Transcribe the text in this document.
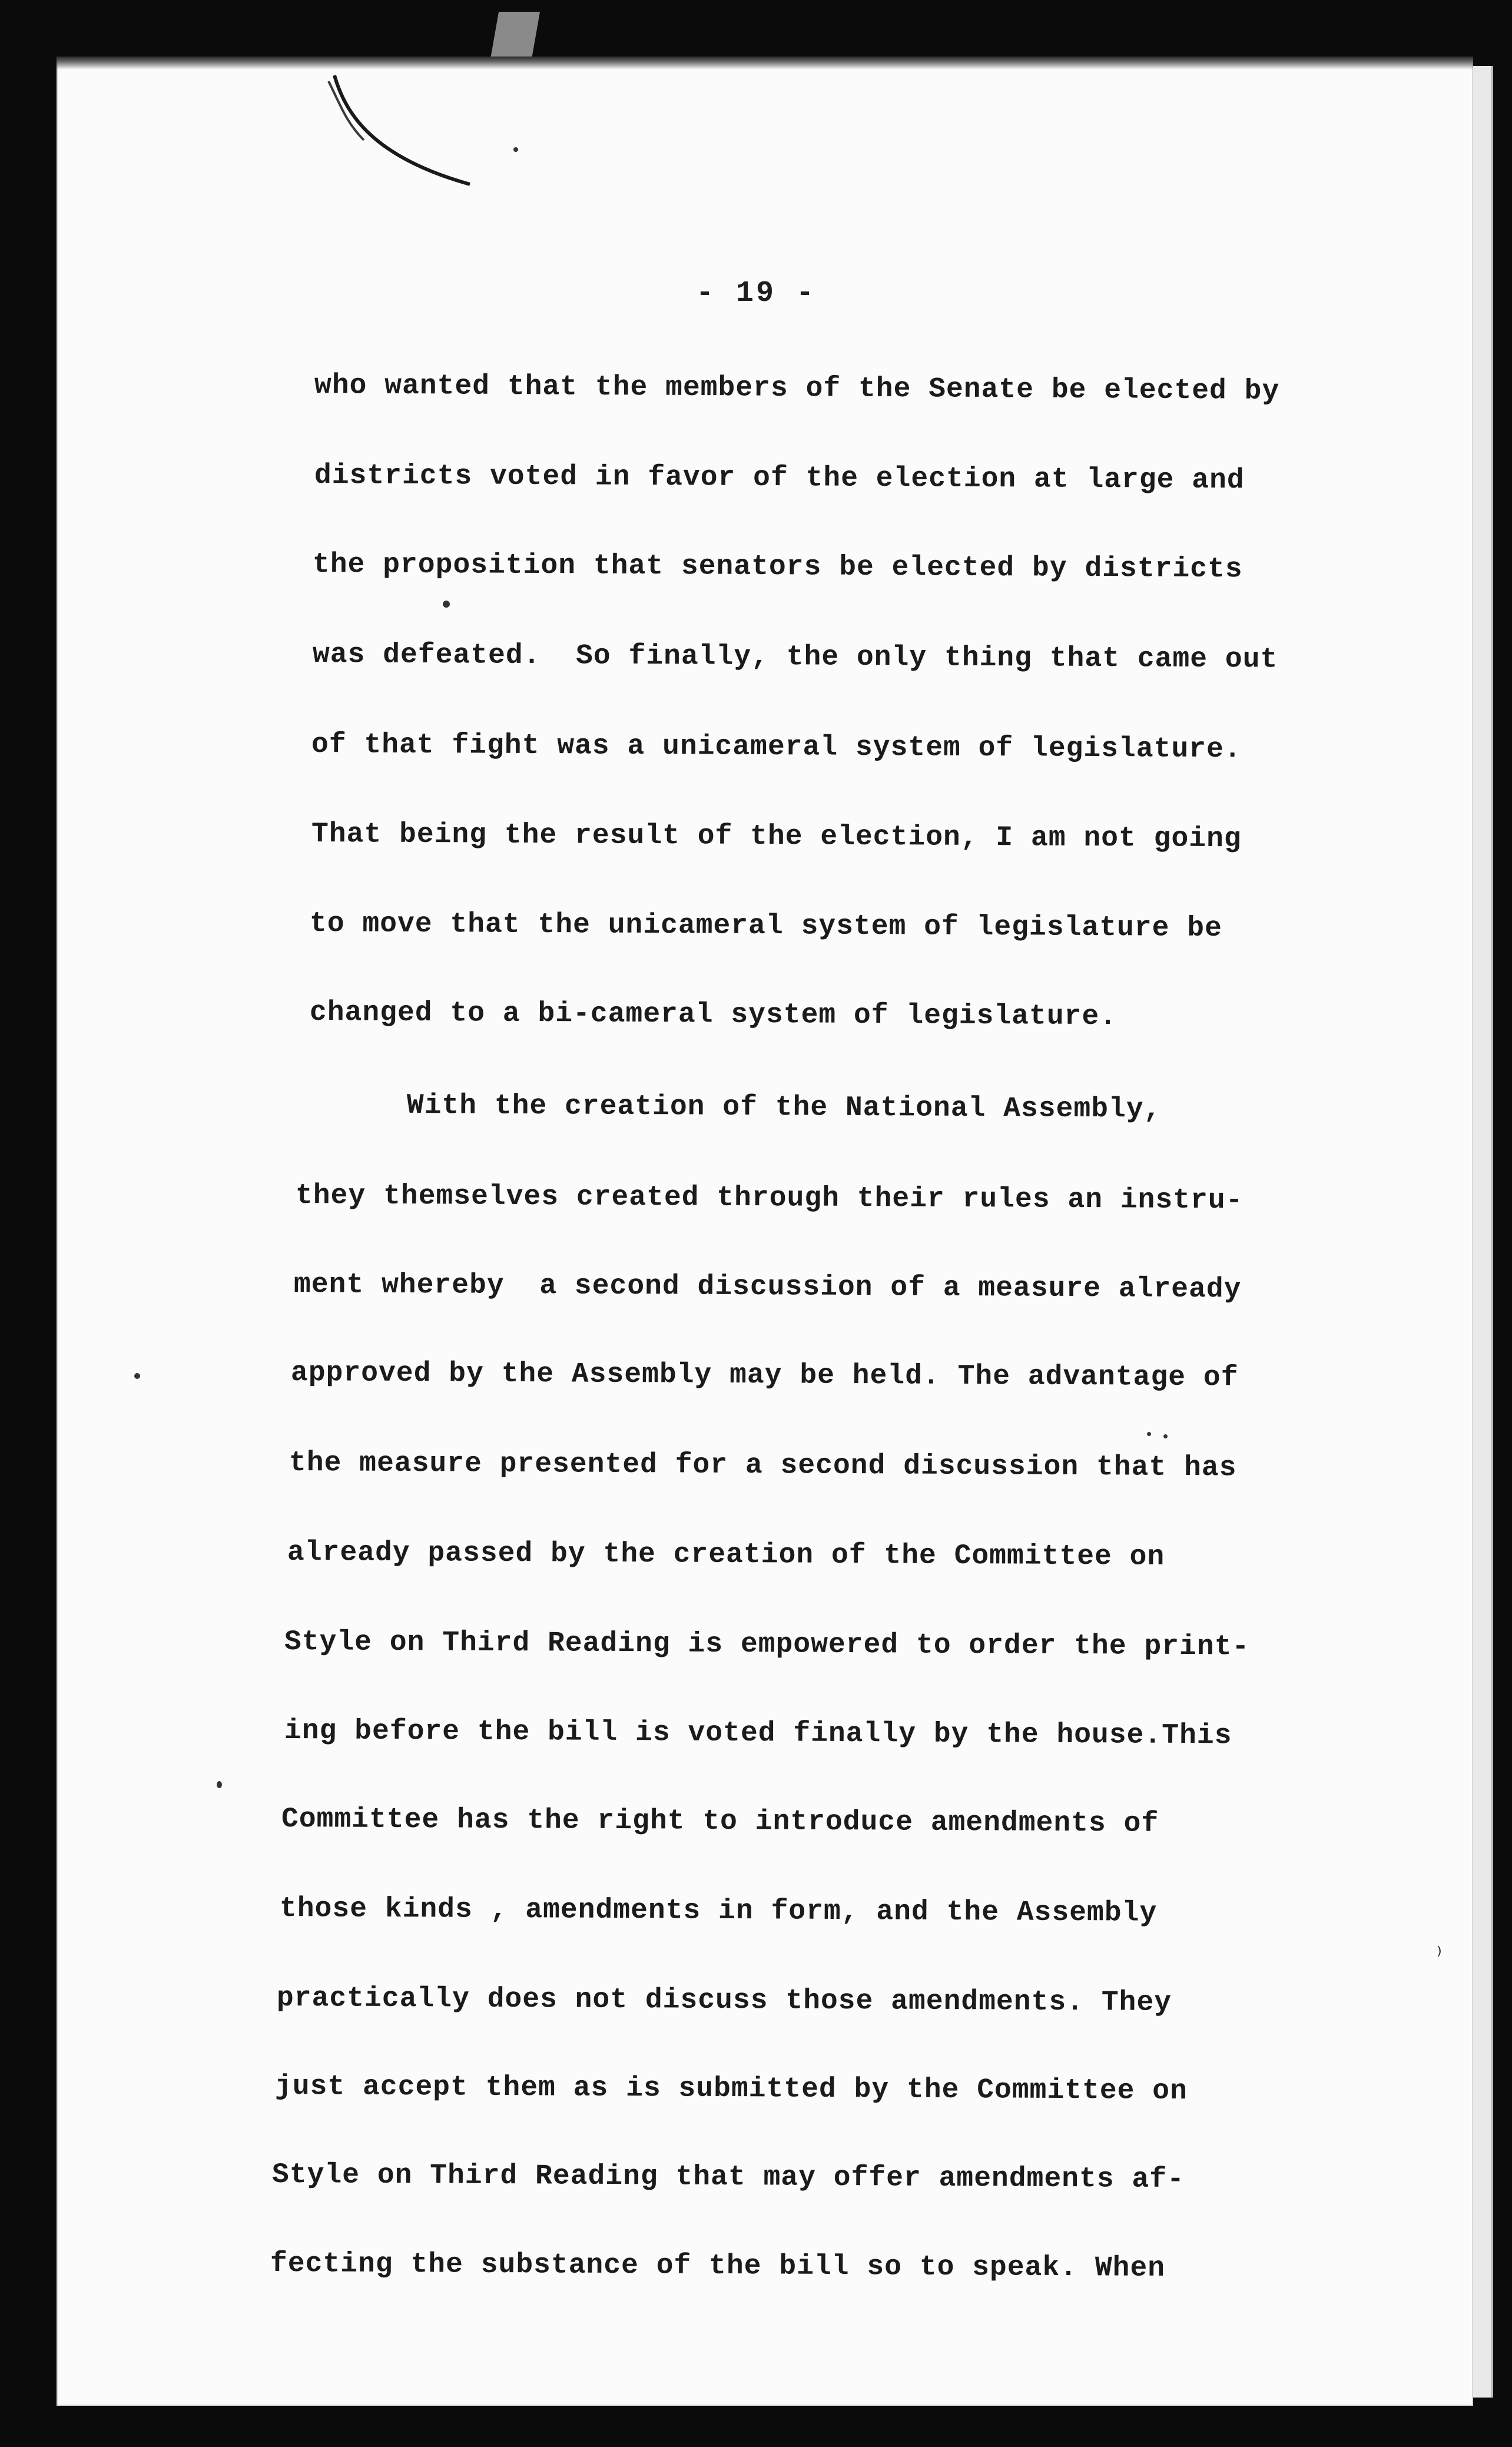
- 19 -
who wanted that the members of the Senate be elected by
districts voted in favor of the election at large and
the proposition that senators be elected by districts
was defeated.  So finally, the only thing that came out
of that fight was a unicameral system of legislature.
That being the result of the election, I am not going
to move that the unicameral system of legislature be
changed to a bi-cameral system of legislature.
With the creation of the National Assembly,
they themselves created through their rules an instru-
ment whereby  a second discussion of a measure already
approved by the Assembly may be held. The advantage of
the measure presented for a second discussion that has
already passed by the creation of the Committee on
Style on Third Reading is empowered to order the print-
ing before the bill is voted finally by the house.This
Committee has the right to introduce amendments of
those kinds , amendments in form, and the Assembly
practically does not discuss those amendments. They
just accept them as is submitted by the Committee on
Style on Third Reading that may offer amendments af-
fecting the substance of the bill so to speak. When
⁾
